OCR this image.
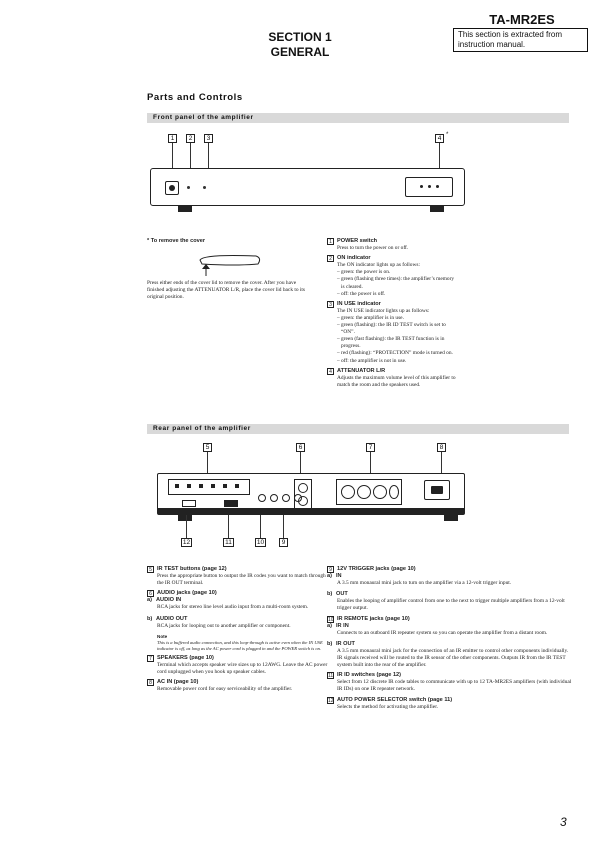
TA-MR2ES
This section is extracted from instruction manual.
SECTION 1
GENERAL
Parts and Controls
Front panel of the amplifier
1	2	3	4 *
* To remove the cover
Press either ends of the cover lid to remove the cover. After you have finished adjusting the ATTENUATOR L/R, place the cover lid back to its original position.
1 POWER switch
Press to turn the power on or off.
2 ON indicator
The ON indicator lights up as follows:
– green: the power is on.
– green (flashing three times): the amplifier’s memory
is cleared.
– off: the power is off.
3 IN USE indicator
The IN USE indicator lights up as follows:
– green: the amplifier is in use.
– green (flashing): the IR ID TEST switch is set to
“ON”.
– green (fast flashing): the IR TEST function is in
progress.
– red (flashing): “PROTECTION” mode is turned on.
– off: the amplifier is not in use.
4 ATTENUATOR L/R
Adjusts the maximum volume level of this amplifier to
match the room and the speakers used.
Rear panel of the amplifier
5	6	7	8
12	11	10	9
5 IR TEST buttons (page 12)
Press the appropriate button to output the IR codes you want to match through the IR OUT terminal.
6 AUDIO jacks (page 10)
a) AUDIO IN
RCA jacks for stereo line level audio input from a multi-room system.
b) AUDIO OUT
RCA jacks for looping out to another amplifier or component.
Note
This is a buffered audio connection, and this loop-through is active even when the IN USE indicator is off, as long as the AC power cord is plugged in and the POWER switch is on.
7 SPEAKERS (page 10)
Terminal which accepts speaker wire sizes up to 12AWG. Leave the AC power cord unplugged when you hook up speaker cables.
8 AC IN (page 10)
Removable power cord for easy serviceability of the amplifier.
9 12V TRIGGER jacks (page 10)
a) IN
A 3.5 mm monaural mini jack to turn on the amplifier via a 12-volt trigger input.
b) OUT
Enables the looping of amplifier control from one to the next to trigger multiple amplifiers from a 12-volt trigger output.
10 IR REMOTE jacks (page 10)
a) IR IN
Connects to an outboard IR repeater system so you can operate the amplifier from a distant room.
b) IR OUT
A 3.5 mm monaural mini jack for the connection of an IR emitter to control other components individually. IR signals received will be routed to the IR sensor of the other components. Outputs IR from the IR TEST system built into the rear of the amplifier.
11 IR ID switches (page 12)
Select from 12 discrete IR code tables to communicate with up to 12 TA-MR2ES amplifiers (with individual IR IDs) on one IR repeater network.
12 AUTO POWER SELECTOR switch (page 11)
Selects the method for activating the amplifier.
3
